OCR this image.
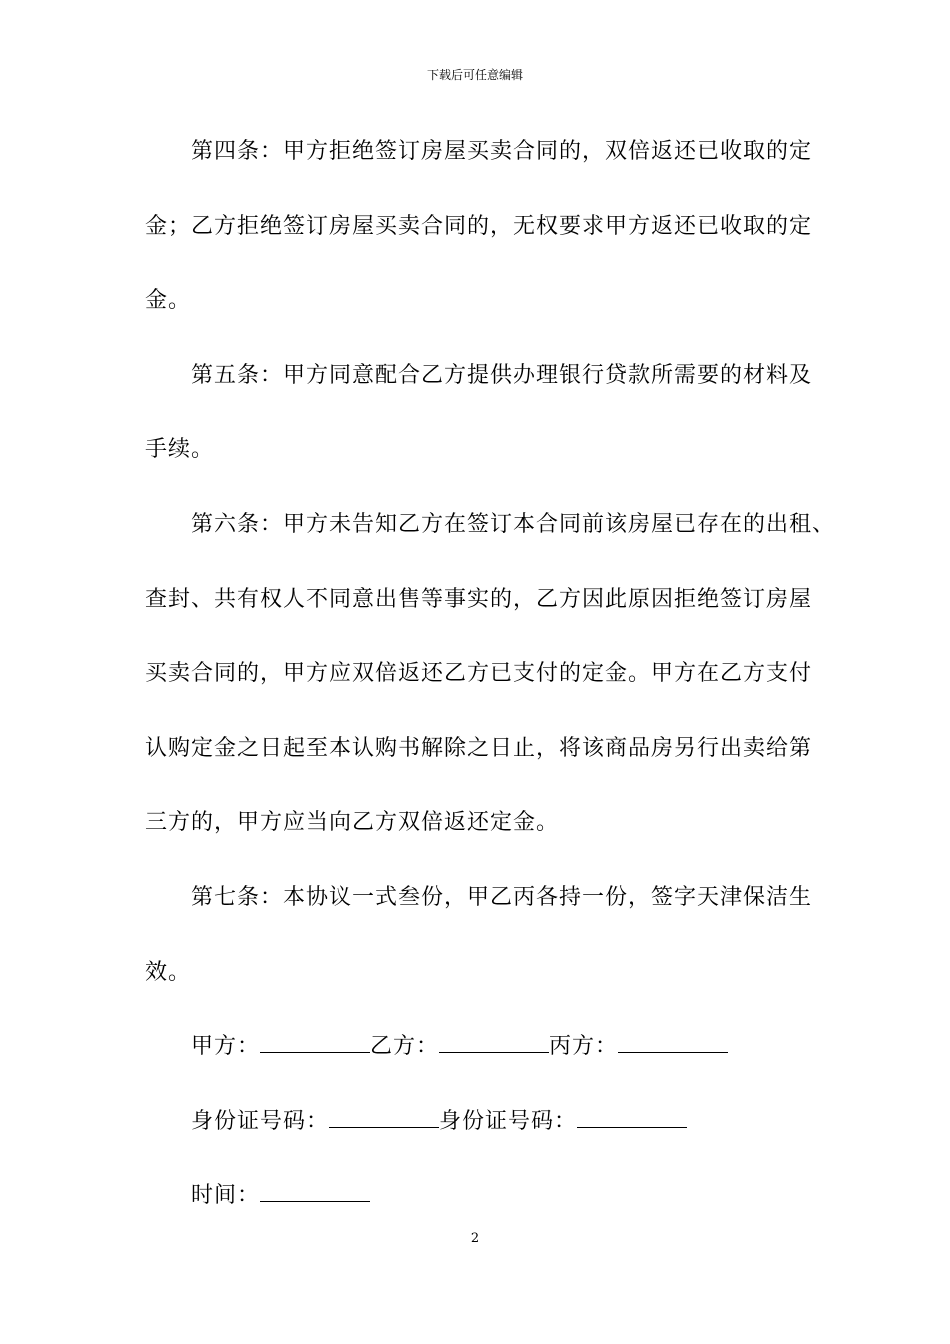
下载后可任意编辑
第四条：甲方拒绝签订房屋买卖合同的，双倍返还已收取的定
金；乙方拒绝签订房屋买卖合同的，无权要求甲方返还已收取的定
金。
第五条：甲方同意配合乙方提供办理银行贷款所需要的材料及
手续。
第六条：甲方未告知乙方在签订本合同前该房屋已存在的出租、
查封、共有权人不同意出售等事实的，乙方因此原因拒绝签订房屋
买卖合同的，甲方应双倍返还乙方已支付的定金。甲方在乙方支付
认购定金之日起至本认购书解除之日止，将该商品房另行出卖给第
三方的，甲方应当向乙方双倍返还定金。
第七条：本协议一式叁份，甲乙丙各持一份，签字天津保洁生
效。
甲方：	乙方：	丙方：
身份证号码：	身份证号码：
时间：
2
